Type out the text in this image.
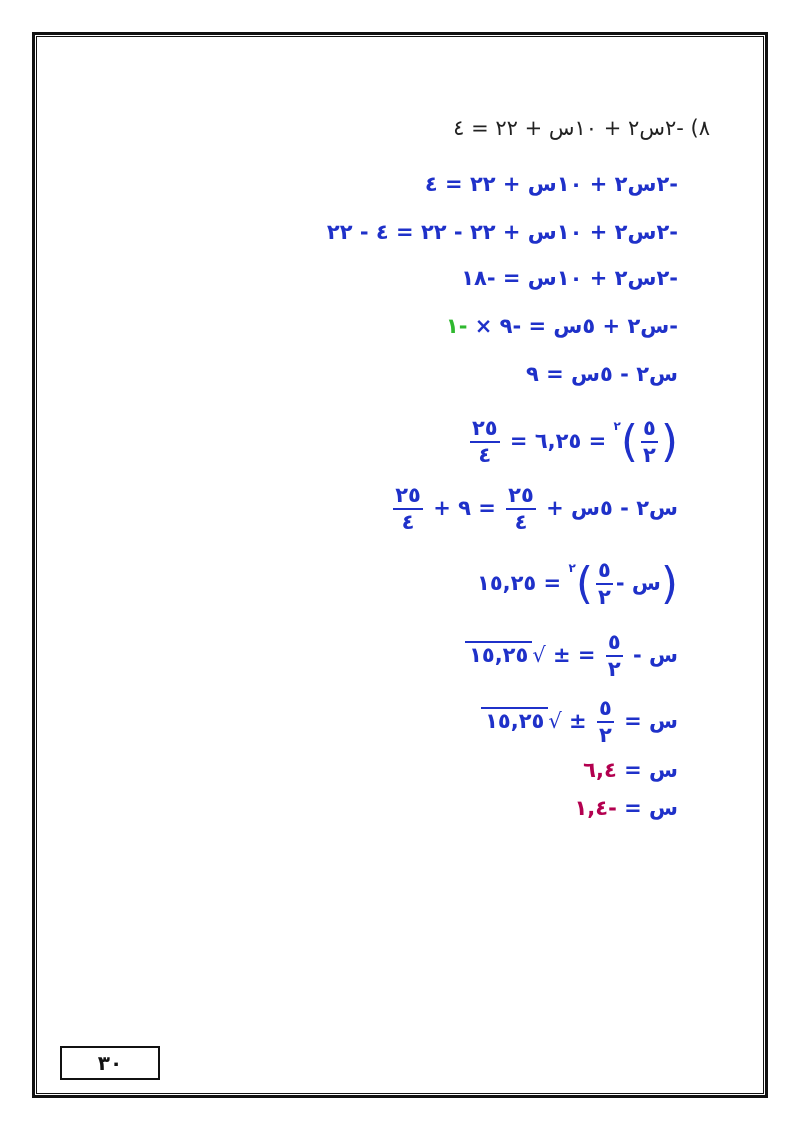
٨) -٢س٢ + ١٠س + ٢٢ = ٤
-٢س٢ + ١٠س + ٢٢ = ٤
-٢س٢ + ١٠س + ٢٢ - ٢٢ = ٤ - ٢٢
-٢س٢ + ١٠س = -١٨
-س٢ + ٥س = -٩ × -١
س٢ - ٥س = ٩
(
$\frac{٥}{٢}$
)$^٢$ = ٦,٢٥ =
$\frac{٢٥}{٤}$
س٢ - ٥س +
$\frac{٢٥}{٤}$
= ٩ +
$\frac{٢٥}{٤}$
(س -
$\frac{٥}{٢}$
)$^٢$ = ١٥,٢٥
س -
$\frac{٥}{٢}$
= ± √١٥,٢٥
س =
$\frac{٥}{٢}$
± √١٥,٢٥
س = ٦,٤
س = -١,٤
٣٠
